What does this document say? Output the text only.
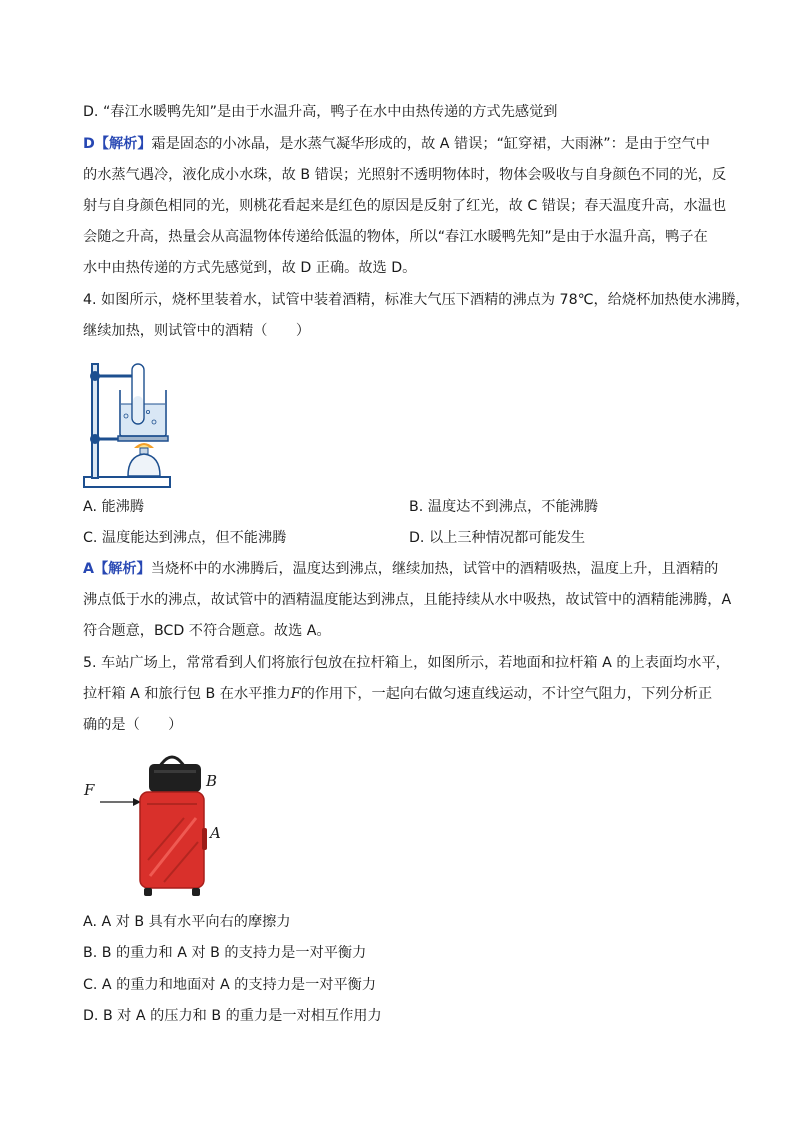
D. “春江水暖鸭先知”是由于水温升高，鸭子在水中由热传递的方式先感觉到
D【解析】霜是固态的小冰晶，是水蒸气凝华形成的，故 A 错误；“缸穿裙，大雨淋”：是由于空气中
的水蒸气遇冷，液化成小水珠，故 B 错误；光照射不透明物体时，物体会吸收与自身颜色不同的光，反
射与自身颜色相同的光，则桃花看起来是红色的原因是反射了红光，故 C 错误；春天温度升高，水温也
会随之升高，热量会从高温物体传递给低温的物体，所以“春江水暖鸭先知”是由于水温升高，鸭子在
水中由热传递的方式先感觉到，故 D 正确。故选 D。
4. 如图所示，烧杯里装着水，试管中装着酒精，标准大气压下酒精的沸点为 78℃，给烧杯加热使水沸腾，
继续加热，则试管中的酒精（　　）
A. 能沸腾	B. 温度达不到沸点，不能沸腾
C. 温度能达到沸点，但不能沸腾	D. 以上三种情况都可能发生
A【解析】当烧杯中的水沸腾后，温度达到沸点，继续加热，试管中的酒精吸热，温度上升，且酒精的
沸点低于水的沸点，故试管中的酒精温度能达到沸点，且能持续从水中吸热，故试管中的酒精能沸腾，A
符合题意，BCD 不符合题意。故选 A。
5. 车站广场上，常常看到人们将旅行包放在拉杆箱上，如图所示，若地面和拉杆箱 A 的上表面均水平，
拉杆箱 A 和旅行包 B 在水平推力F的作用下，一起向右做匀速直线运动，不计空气阻力，下列分析正
确的是（　　）
F	B
A
A. A 对 B 具有水平向右的摩擦力
B. B 的重力和 A 对 B 的支持力是一对平衡力
C. A 的重力和地面对 A 的支持力是一对平衡力
D. B 对 A 的压力和 B 的重力是一对相互作用力
